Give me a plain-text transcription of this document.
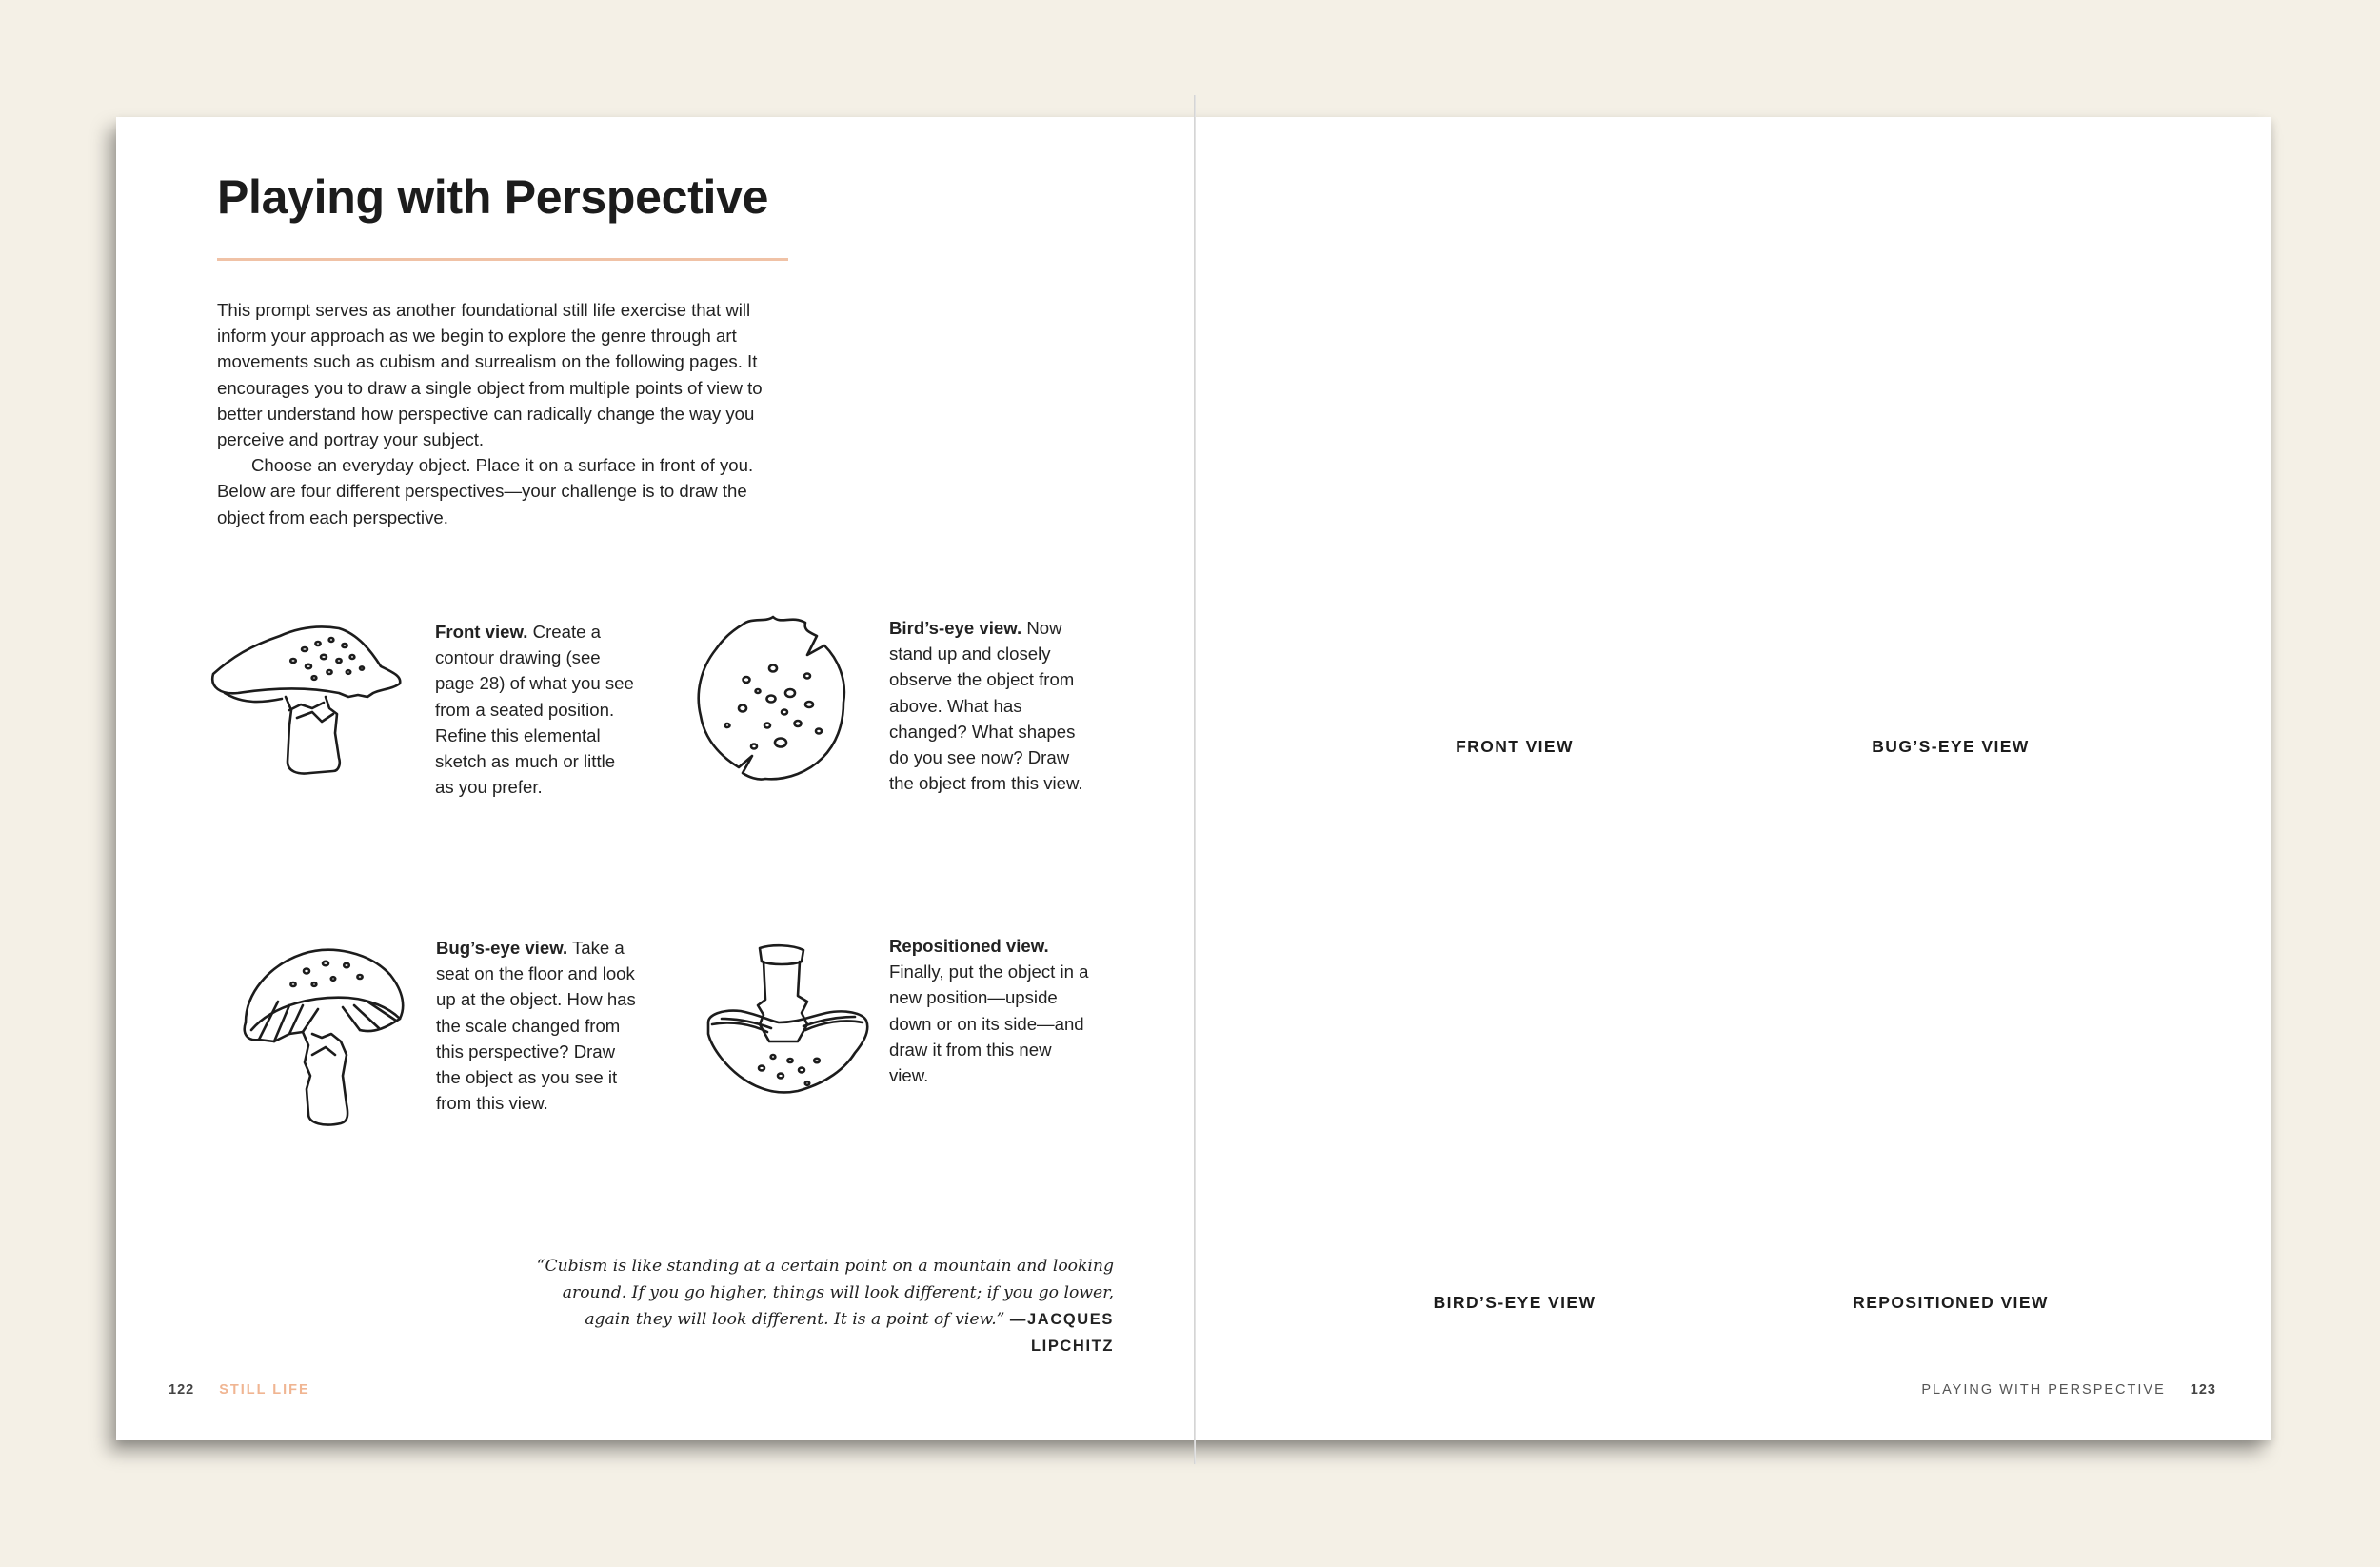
Playing with Perspective

This prompt serves as another foundational still life exercise that will inform your approach as we begin to explore the genre through art movements such as cubism and surrealism on the following pages. It encourages you to draw a single object from multiple points of view to better understand how perspective can radically change the way you perceive and portray your subject.

Choose an everyday object. Place it on a surface in front of you. Below are four different perspectives—your challenge is to draw the object from each perspective.

Front view. Create a contour drawing (see page 28) of what you see from a seated position. Refine this elemental sketch as much or little as you prefer.
Bird’s-eye view. Now stand up and closely observe the object from above. What has changed? What shapes do you see now? Draw the object from this view.
Bug’s-eye view. Take a seat on the floor and look up at the object. How has the scale changed from this perspective? Draw the object as you see it from this view.
Repositioned view. Finally, put the object in a new position—upside down or on its side—and draw it from this new view.
“Cubism is like standing at a certain point on a mountain and looking around. If you go higher, things will look different; if you go lower, again they will look different. It is a point of view.” —JACQUES LIPCHITZ
122 STILL LIFE
FRONT VIEW	BUG’S-EYE VIEW
BIRD’S-EYE VIEW	REPOSITIONED VIEW
PLAYING WITH PERSPECTIVE 123
